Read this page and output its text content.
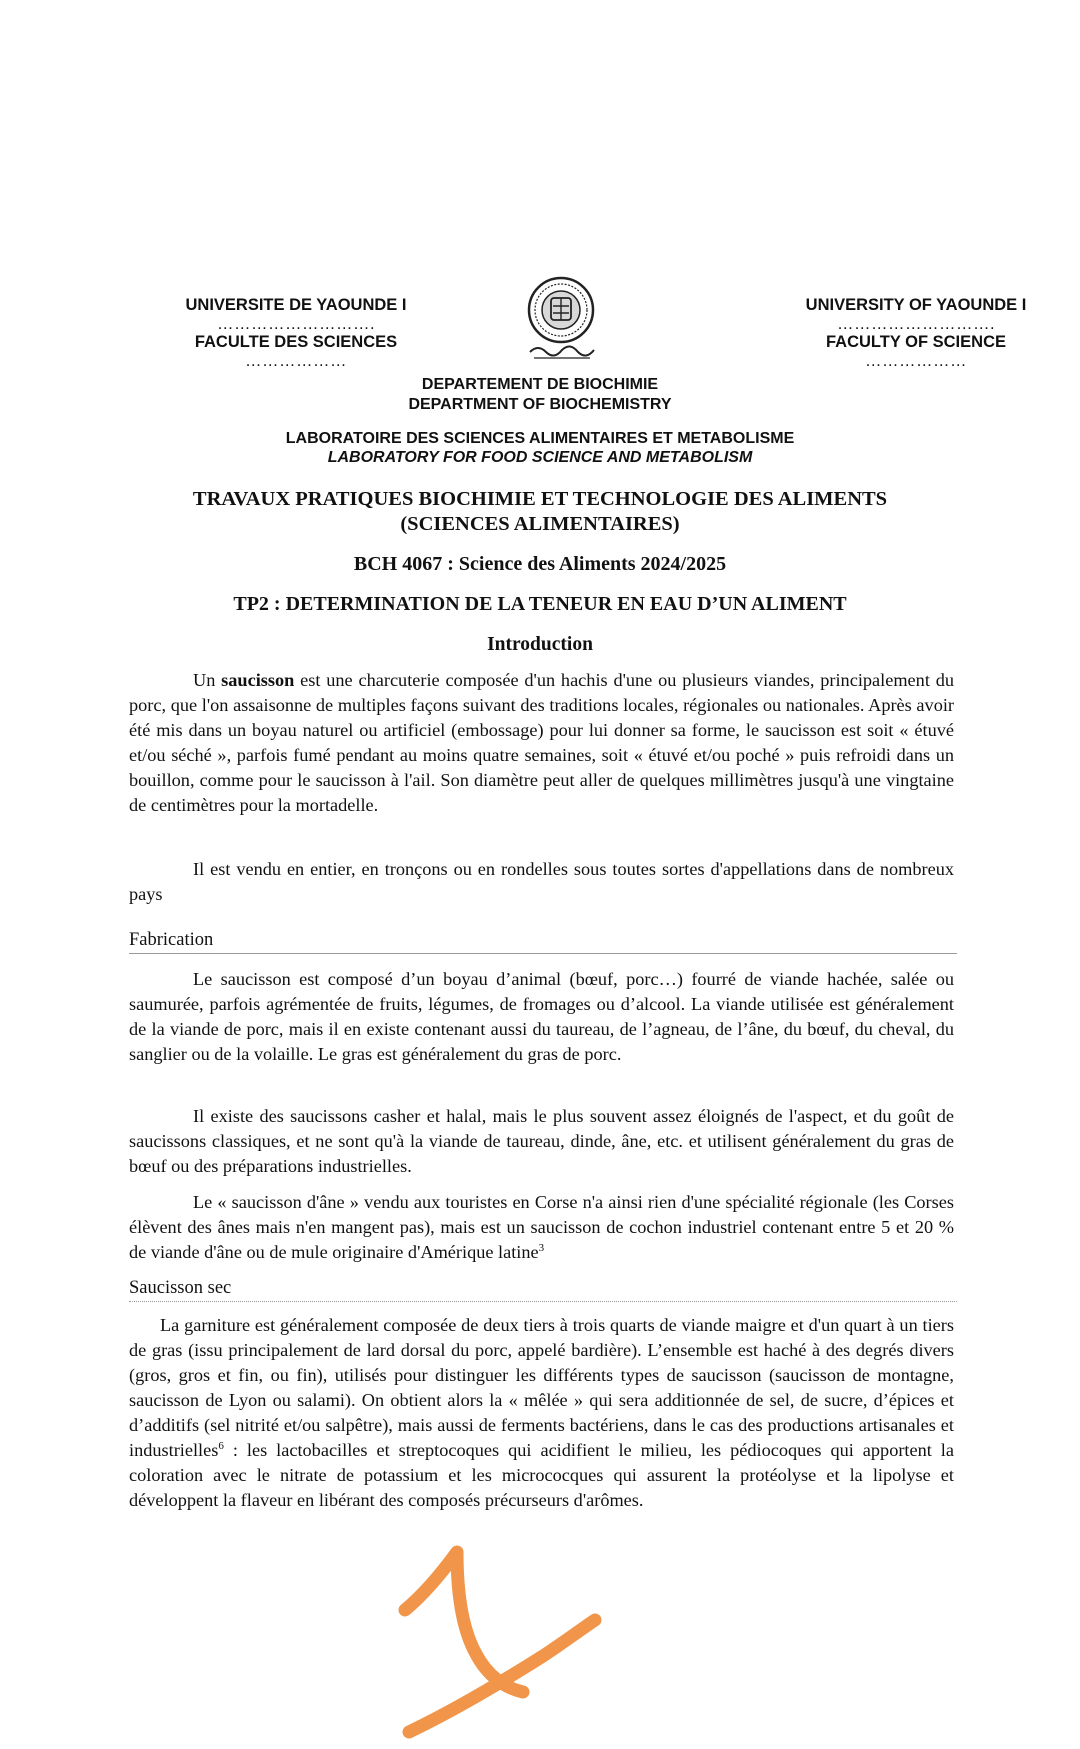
UNIVERSITE DE YAOUNDE I
……………………….
FACULTE DES SCIENCES
………………
UNIVERSITY OF YAOUNDE I
……………………….
FACULTY OF SCIENCE
………………
DEPARTEMENT DE BIOCHIMIE
DEPARTMENT OF BIOCHEMISTRY
LABORATOIRE DES SCIENCES ALIMENTAIRES ET METABOLISME
LABORATORY FOR FOOD SCIENCE AND METABOLISM
TRAVAUX PRATIQUES BIOCHIMIE ET TECHNOLOGIE DES ALIMENTS
(SCIENCES ALIMENTAIRES)
BCH 4067 : Science des Aliments 2024/2025
TP2 : DETERMINATION DE LA TENEUR EN EAU D’UN ALIMENT
Introduction

Un saucisson est une charcuterie composée d'un hachis d'une ou plusieurs viandes, principalement du porc, que l'on assaisonne de multiples façons suivant des traditions locales, régionales ou nationales. Après avoir été mis dans un boyau naturel ou artificiel (embossage) pour lui donner sa forme, le saucisson est soit « étuvé et/ou séché », parfois fumé pendant au moins quatre semaines, soit « étuvé et/ou poché » puis refroidi dans un bouillon, comme pour le saucisson à l'ail. Son diamètre peut aller de quelques millimètres jusqu'à une vingtaine de centimètres pour la mortadelle.

Il est vendu en entier, en tronçons ou en rondelles sous toutes sortes d'appellations dans de nombreux pays

Fabrication

Le saucisson est composé d’un boyau d’animal (bœuf, porc…) fourré de viande hachée, salée ou saumurée, parfois agrémentée de fruits, légumes, de fromages ou d’alcool. La viande utilisée est généralement de la viande de porc, mais il en existe contenant aussi du taureau, de l’agneau, de l’âne, du bœuf, du cheval, du sanglier ou de la volaille. Le gras est généralement du gras de porc.

Il existe des saucissons casher et halal, mais le plus souvent assez éloignés de l'aspect, et du goût de saucissons classiques, et ne sont qu'à la viande de taureau, dinde, âne, etc. et utilisent généralement du gras de bœuf ou des préparations industrielles.

Le « saucisson d'âne » vendu aux touristes en Corse n'a ainsi rien d'une spécialité régionale (les Corses élèvent des ânes mais n'en mangent pas), mais est un saucisson de cochon industriel contenant entre 5 et 20 % de viande d'âne ou de mule originaire d'Amérique latine$^3$

Saucisson sec

La garniture est généralement composée de deux tiers à trois quarts de viande maigre et d'un quart à un tiers de gras (issu principalement de lard dorsal du porc, appelé bardière). L’ensemble est haché à des degrés divers (gros, gros et fin, ou fin), utilisés pour distinguer les différents types de saucisson (saucisson de montagne, saucisson de Lyon ou salami). On obtient alors la « mêlée » qui sera additionnée de sel, de sucre, d’épices et d’additifs (sel nitrité et/ou salpêtre), mais aussi de ferments bactériens, dans le cas des productions artisanales et industrielles$^6$ : les lactobacilles et streptocoques qui acidifient le milieu, les pédiocoques qui apportent la coloration avec le nitrate de potassium et les micrococques qui assurent la protéolyse et la lipolyse et développent la flaveur en libérant des composés précurseurs d'arômes.
